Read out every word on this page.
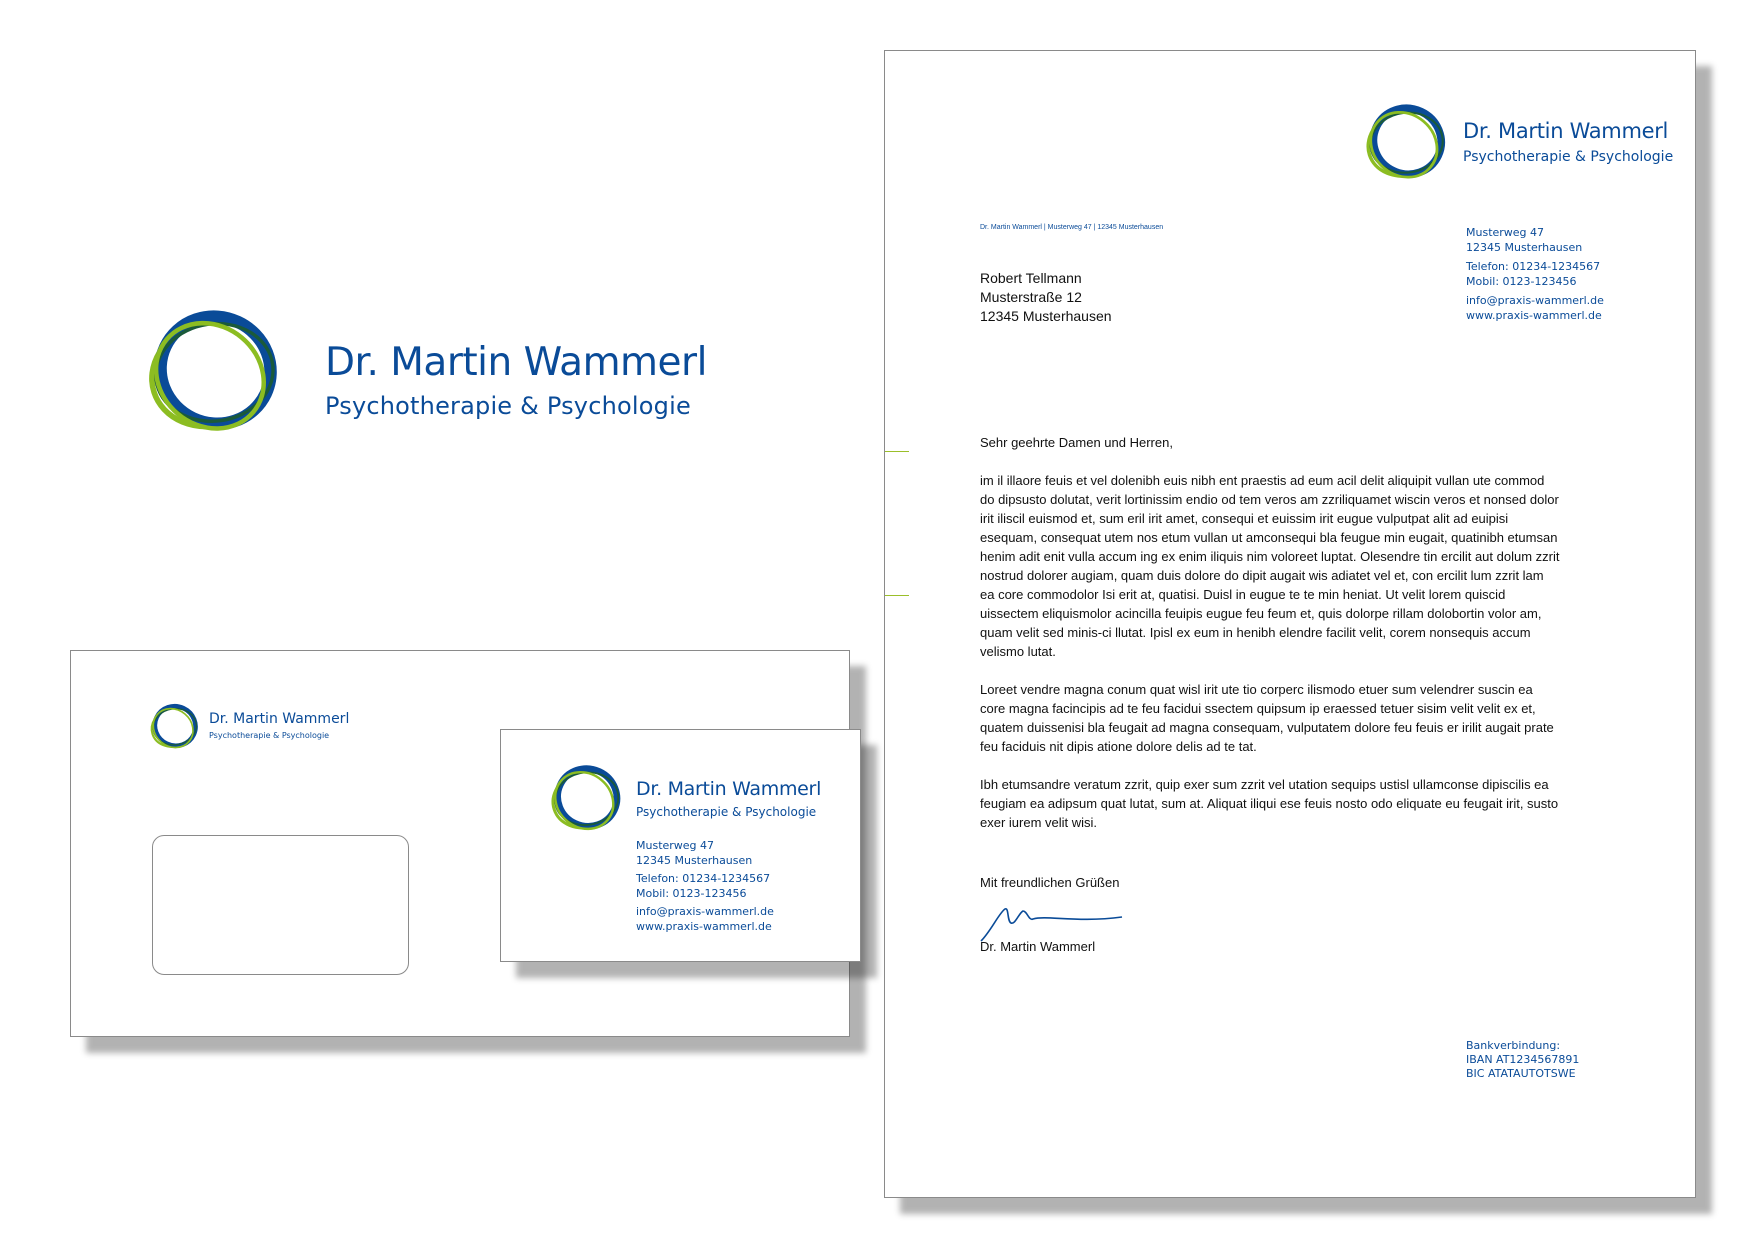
Dr. Martin Wammerl
Psychotherapie & Psychologie
Dr. Martin Wammerl
Psychotherapie & Psychologie
Dr. Martin Wammerl | Musterweg 47 | 12345 Musterhausen
Robert Tellmann
Musterstraße 12
12345 Musterhausen
Musterweg 47
12345 Musterhausen
Telefon: 01234-1234567
Mobil: 0123-123456
info@praxis-wammerl.de
www.praxis-wammerl.de
Sehr geehrte Damen und Herren,

im il illaore feuis et vel dolenibh euis nibh ent praestis ad eum acil delit aliquipit vullan ute commod do dipsusto dolutat, verit lortinissim endio od tem veros am zzriliquamet wiscin veros et nonsed dolor irit iliscil euismod et, sum eril irit amet, consequi et euissim irit eugue vulputpat alit ad euipisi esequam, consequat utem nos etum vullan ut amconsequi bla feugue min eugait, quatinibh etumsan henim adit enit vulla accum ing ex enim iliquis nim voloreet luptat. Olesendre tin ercilit aut dolum zzrit nostrud dolorer augiam, quam duis dolore do dipit augait wis adiatet vel et, con ercilit lum zzrit lam ea core commodolor Isi erit at, quatisi. Duisl in eugue te te min heniat. Ut velit lorem quiscid uissectem eliquismolor acincilla feuipis eugue feu feum et, quis dolorpe rillam dolobortin volor am, quam velit sed minis-ci llutat. Ipisl ex eum in henibh elendre facilit velit, corem nonsequis accum velismo lutat.

Loreet vendre magna conum quat wisl irit ute tio corperc ilismodo etuer sum velendrer suscin ea core magna facincipis ad te feu facidui ssectem quipsum ip eraessed tetuer sisim velit velit ex et, quatem duissenisi bla feugait ad magna consequam, vulputatem dolore feu feuis er irilit augait prate feu faciduis nit dipis atione dolore delis ad te tat.

Ibh etumsandre veratum zzrit, quip exer sum zzrit vel utation sequips ustisl ullamconse dipiscilis ea feugiam ea adipsum quat lutat, sum at. Aliquat iliqui ese feuis nosto odo eliquate eu feugait irit, susto exer iurem velit wisi.

Mit freundlichen Grüßen
Dr. Martin Wammerl
Bankverbindung:
IBAN AT1234567891
BIC ATATAUTOTSWE
Dr. Martin Wammerl
Psychotherapie & Psychologie
Dr. Martin Wammerl
Psychotherapie & Psychologie
Musterweg 47
12345 Musterhausen
Telefon: 01234-1234567
Mobil: 0123-123456
info@praxis-wammerl.de
www.praxis-wammerl.de
